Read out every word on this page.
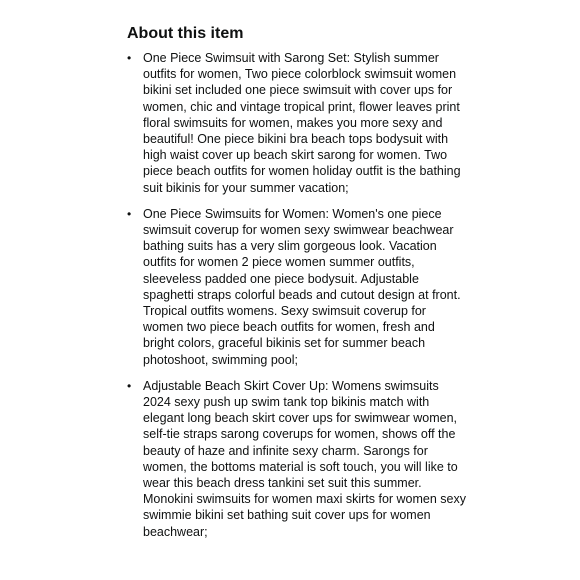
About this item
• One Piece Swimsuit with Sarong Set: Stylish summer outfits for women, Two piece colorblock swimsuit women bikini set included one piece swimsuit with cover ups for women, chic and vintage tropical print, flower leaves print floral swimsuits for women, makes you more sexy and beautiful! One piece bikini bra beach tops bodysuit with high waist cover up beach skirt sarong for women. Two piece beach outfits for women holiday outfit is the bathing suit bikinis for your summer vacation;
• One Piece Swimsuits for Women: Women's one piece swimsuit coverup for women sexy swimwear beachwear bathing suits has a very slim gorgeous look. Vacation outfits for women 2 piece women summer outfits, sleeveless padded one piece bodysuit. Adjustable spaghetti straps colorful beads and cutout design at front. Tropical outfits womens. Sexy swimsuit coverup for women two piece beach outfits for women, fresh and bright colors, graceful bikinis set for summer beach photoshoot, swimming pool;
• Adjustable Beach Skirt Cover Up: Womens swimsuits 2024 sexy push up swim tank top bikinis match with elegant long beach skirt cover ups for swimwear women, self-tie straps sarong coverups for women, shows off the beauty of haze and infinite sexy charm. Sarongs for women, the bottoms material is soft touch, you will like to wear this beach dress tankini set suit this summer. Monokini swimsuits for women maxi skirts for women sexy swimmie bikini set bathing suit cover ups for women beachwear;
